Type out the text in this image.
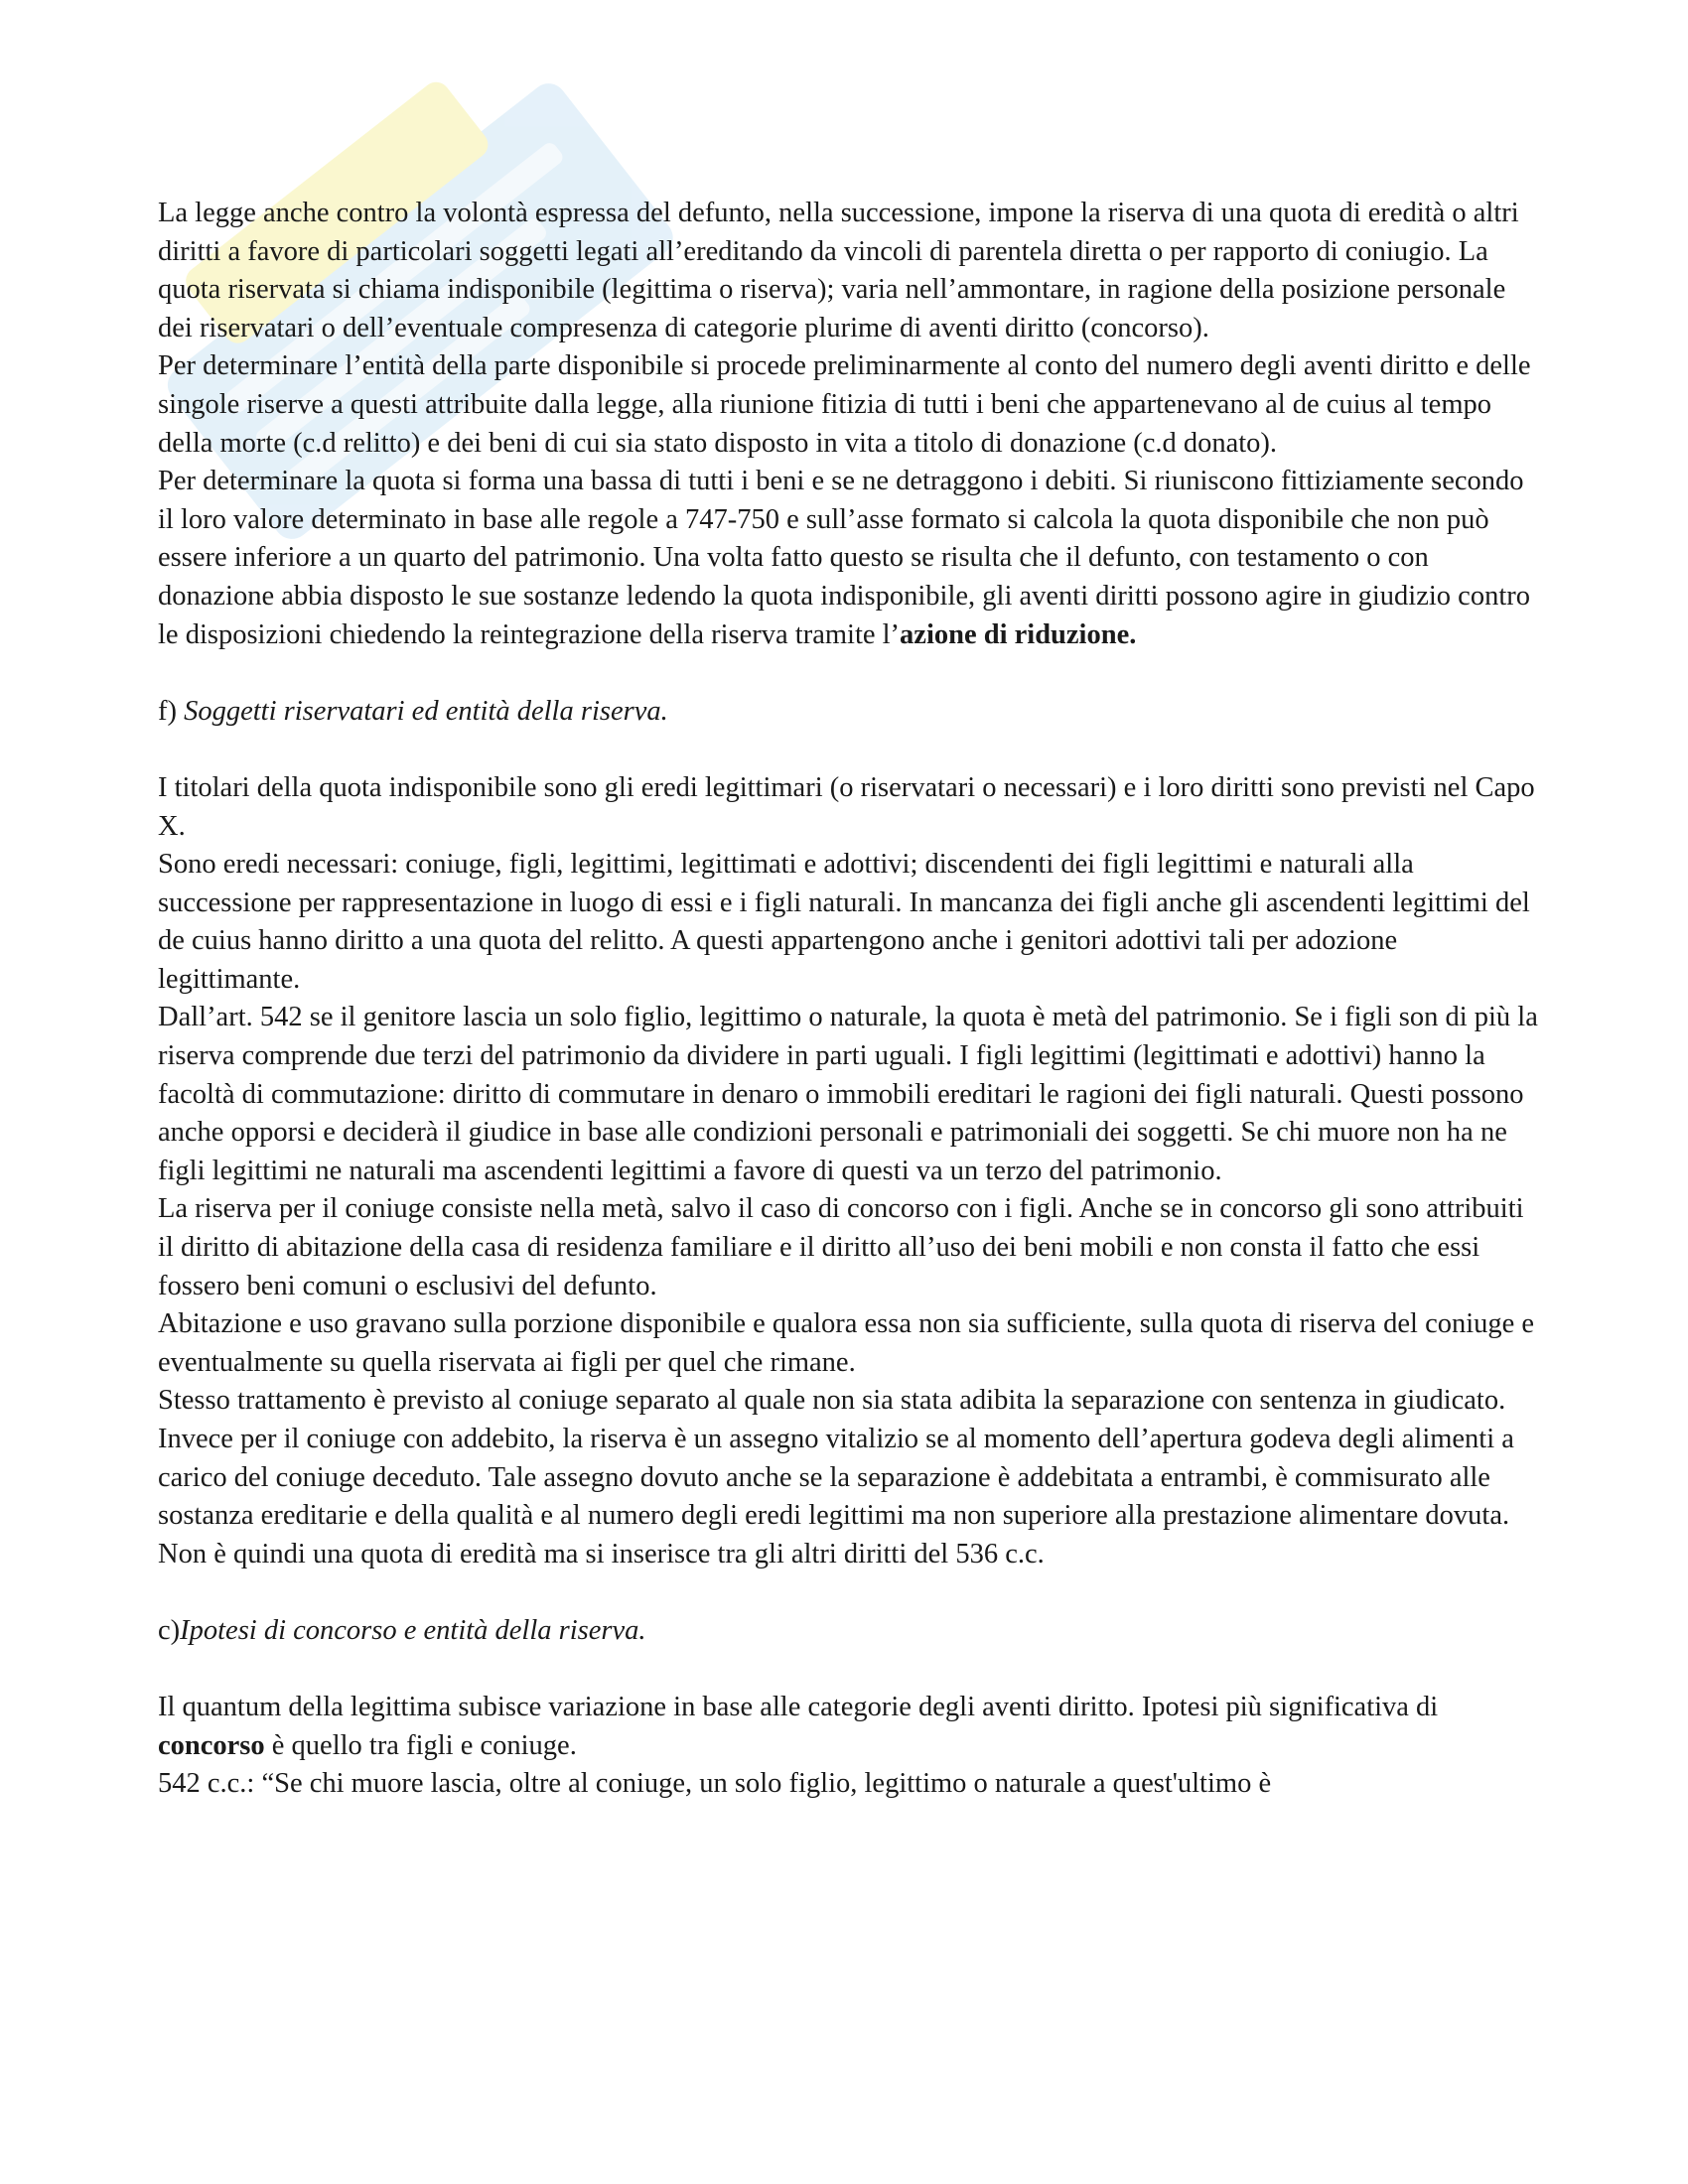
La legge anche contro la volontà espressa del defunto, nella successione, impone la riserva di una quota di eredità o altri diritti a favore di particolari soggetti legati all’ereditando da vincoli di parentela diretta o per rapporto di coniugio. La quota riservata si chiama indisponibile (legittima o riserva); varia nell’ammontare, in ragione della posizione personale dei riservatari o dell’eventuale compresenza di categorie plurime di aventi diritto (concorso).

Per determinare l’entità della parte disponibile si procede preliminarmente al conto del numero degli aventi diritto e delle singole riserve a questi attribuite dalla legge, alla riunione fitizia di tutti i beni che appartenevano al de cuius al tempo della morte (c.d relitto) e dei beni di cui sia stato disposto in vita a titolo di donazione (c.d donato).

Per determinare la quota si forma una bassa di tutti i beni e se ne detraggono i debiti. Si riuniscono fittiziamente secondo il loro valore determinato in base alle regole a 747-750 e sull’asse formato si calcola la quota disponibile che non può essere inferiore a un quarto del patrimonio. Una volta fatto questo se risulta che il defunto, con testamento o con donazione abbia disposto le sue sostanze ledendo la quota indisponibile, gli aventi diritti possono agire in giudizio contro le disposizioni chiedendo la reintegrazione della riserva tramite l’azione di riduzione.

f) Soggetti riservatari ed entità della riserva.

I titolari della quota indisponibile sono gli eredi legittimari (o riservatari o necessari) e i loro diritti sono previsti nel Capo X.

Sono eredi necessari: coniuge, figli, legittimi, legittimati e adottivi; discendenti dei figli legittimi e naturali alla successione per rappresentazione in luogo di essi e i figli naturali. In mancanza dei figli anche gli ascendenti legittimi del de cuius hanno diritto a una quota del relitto. A questi appartengono anche i genitori adottivi tali per adozione legittimante.

Dall’art. 542 se il genitore lascia un solo figlio, legittimo o naturale, la quota è metà del patrimonio. Se i figli son di più la riserva comprende due terzi del patrimonio da dividere in parti uguali. I figli legittimi (legittimati e adottivi) hanno la facoltà di commutazione: diritto di commutare in denaro o immobili ereditari le ragioni dei figli naturali. Questi possono anche opporsi e deciderà il giudice in base alle condizioni personali e patrimoniali dei soggetti. Se chi muore non ha ne figli legittimi ne naturali ma ascendenti legittimi a favore di questi va un terzo del patrimonio.

La riserva per il coniuge consiste nella metà, salvo il caso di concorso con i figli. Anche se in concorso gli sono attribuiti il diritto di abitazione della casa di residenza familiare e il diritto all’uso dei beni mobili e non consta il fatto che essi fossero beni comuni o esclusivi del defunto.

Abitazione e uso gravano sulla porzione disponibile e qualora essa non sia sufficiente, sulla quota di riserva del coniuge e eventualmente su quella riservata ai figli per quel che rimane.

Stesso trattamento è previsto al coniuge separato al quale non sia stata adibita la separazione con sentenza in giudicato.

Invece per il coniuge con addebito, la riserva è un assegno vitalizio se al momento dell’apertura godeva degli alimenti a carico del coniuge deceduto. Tale assegno dovuto anche se la separazione è addebitata a entrambi, è commisurato alle sostanza ereditarie e della qualità e al numero degli eredi legittimi ma non superiore alla prestazione alimentare dovuta. Non è quindi una quota di eredità ma si inserisce tra gli altri diritti del 536 c.c.

c)Ipotesi di concorso e entità della riserva.

Il quantum della legittima subisce variazione in base alle categorie degli aventi diritto. Ipotesi più significativa di concorso è quello tra figli e coniuge.

542 c.c.: “Se chi muore lascia, oltre al coniuge, un solo figlio, legittimo o naturale a quest'ultimo è
